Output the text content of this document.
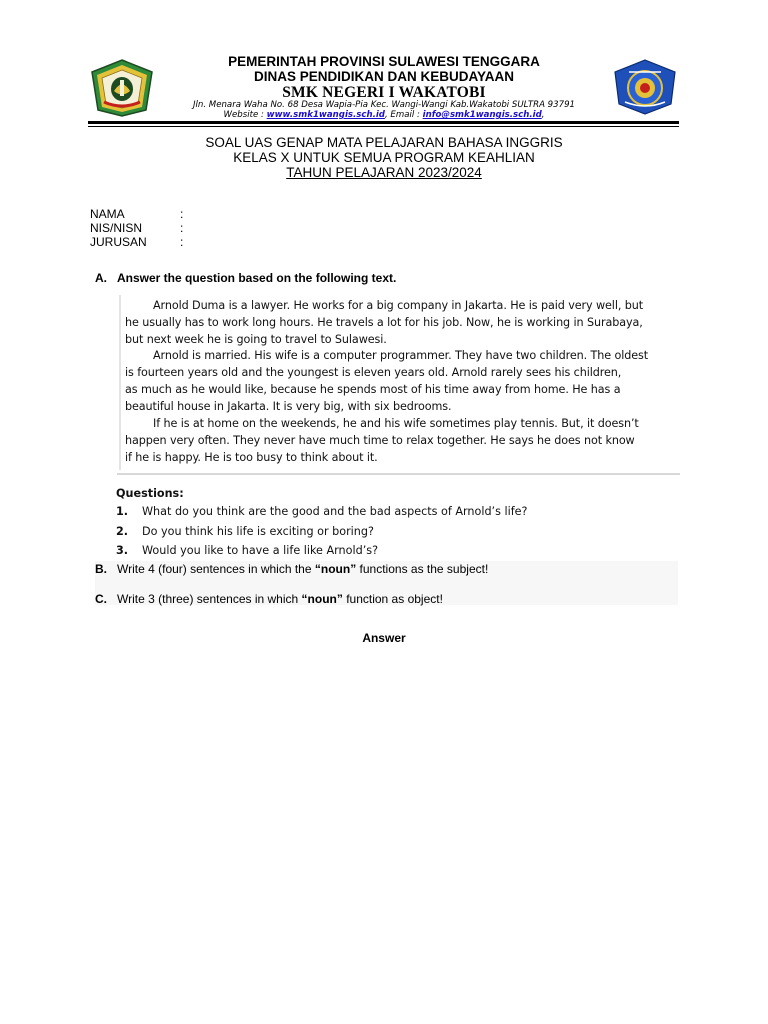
PEMERINTAH PROVINSI SULAWESI TENGGARA
DINAS PENDIDIKAN DAN KEBUDAYAAN
SMK NEGERI I WAKATOBI
Jln. Menara Waha No. 68 Desa Wapia-Pia Kec. Wangi-Wangi Kab.Wakatobi SULTRA 93791
Website : www.smk1wangis.sch.id, Email : info@smk1wangis.sch.id,
SOAL UAS GENAP MATA PELAJARAN BAHASA INGGRIS
KELAS X UNTUK SEMUA PROGRAM KEAHLIAN
TAHUN PELAJARAN 2023/2024
NAMA	:
NIS/NISN	:
JURUSAN	:
A. Answer the question based on the following text.
Arnold Duma is a lawyer. He works for a big company in Jakarta. He is paid very well, but
he usually has to work long hours. He travels a lot for his job. Now, he is working in Surabaya,
but next week he is going to travel to Sulawesi.
Arnold is married. His wife is a computer programmer. They have two children. The oldest
is fourteen years old and the youngest is eleven years old. Arnold rarely sees his children,
as much as he would like, because he spends most of his time away from home. He has a
beautiful house in Jakarta. It is very big, with six bedrooms.
If he is at home on the weekends, he and his wife sometimes play tennis. But, it doesn’t
happen very often. They never have much time to relax together. He says he does not know
if he is happy. He is too busy to think about it.
Questions:
1. What do you think are the good and the bad aspects of Arnold’s life?
2. Do you think his life is exciting or boring?
3. Would you like to have a life like Arnold’s?
B. Write 4 (four) sentences in which the “noun” functions as the subject!
C. Write 3 (three) sentences in which “noun” function as object!
Answer
